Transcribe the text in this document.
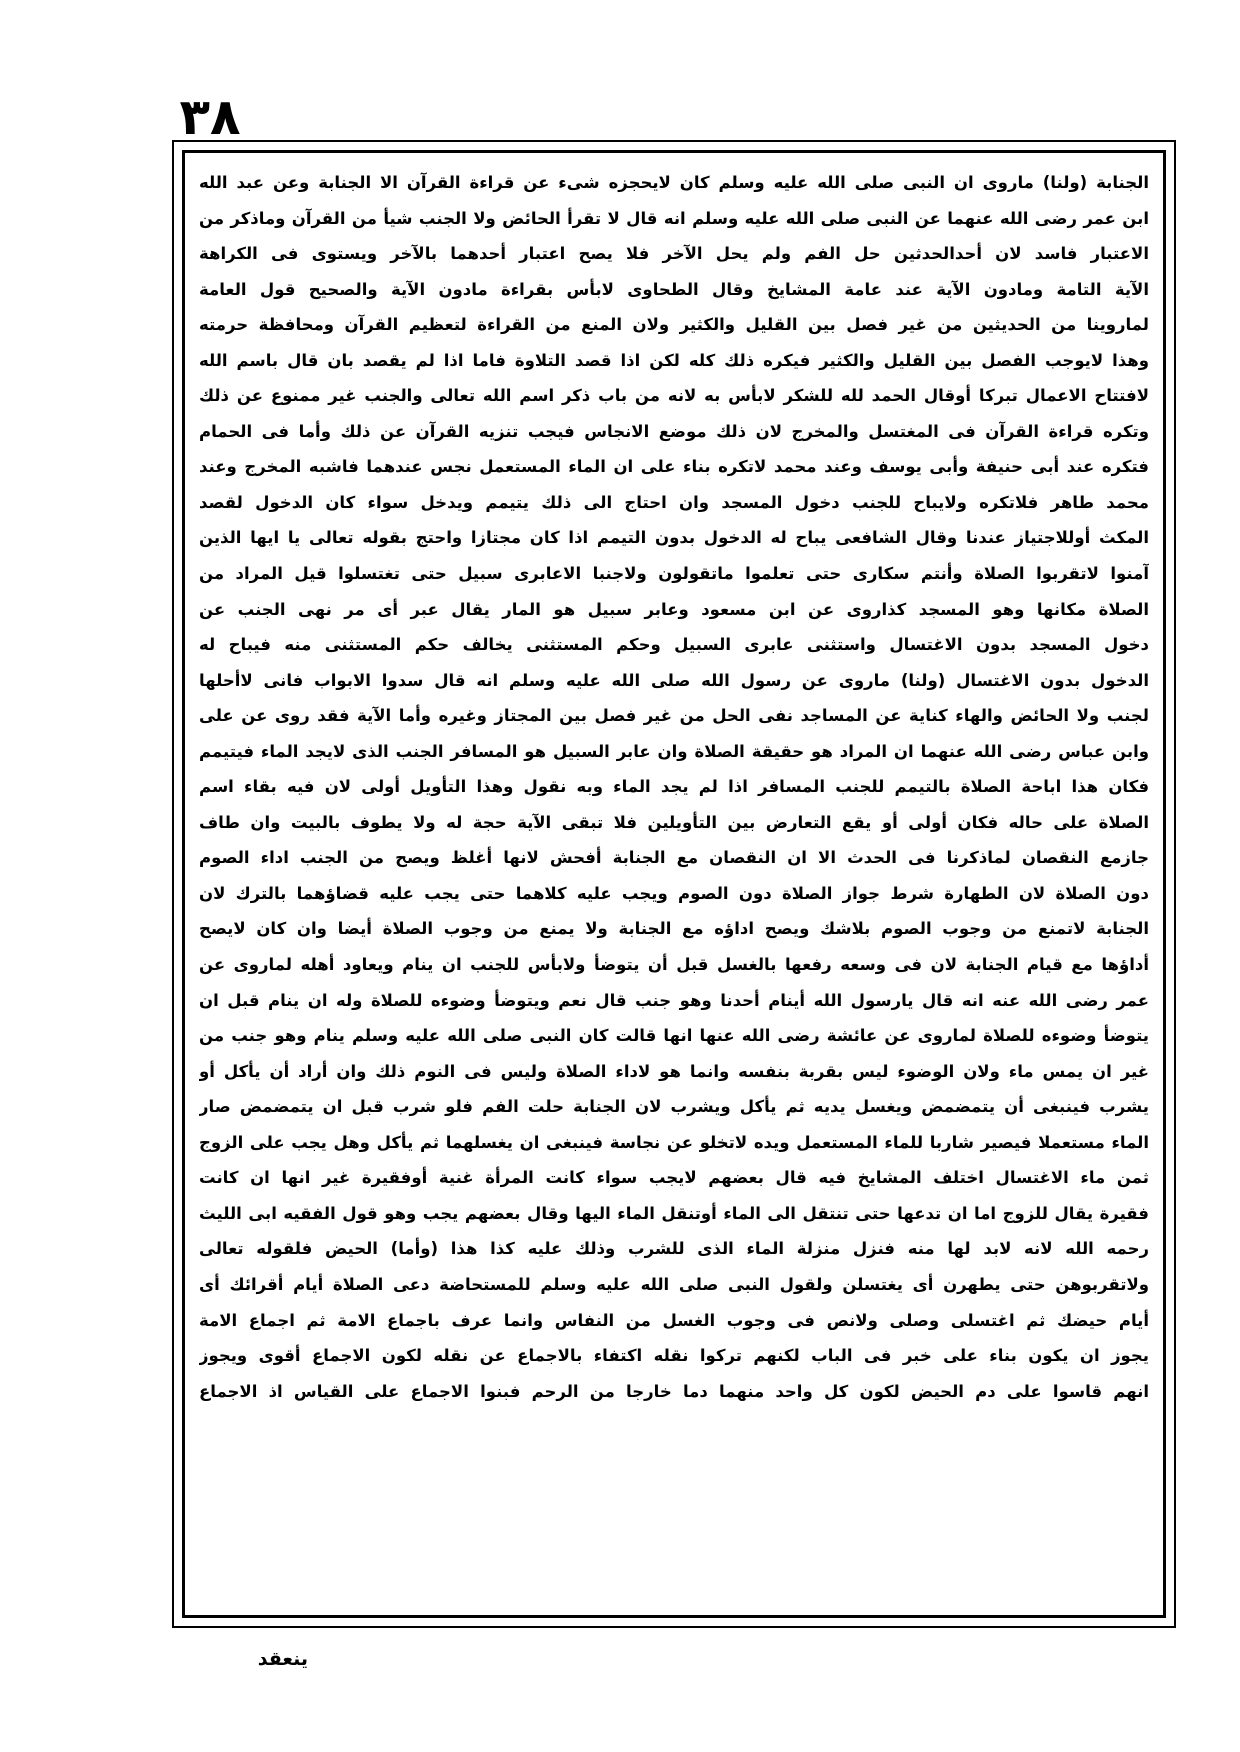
٣٨
الجنابة (ولنا) ماروى ان النبى صلى الله عليه وسلم كان لايحجزه شىء عن قراءة القرآن الا الجنابة وعن عبد الله
ابن عمر رضى الله عنهما عن النبى صلى الله عليه وسلم انه قال لا تقرأ الحائض ولا الجنب شيأ من القرآن وماذكر من
الاعتبار فاسد لان أحدالحدثين حل الفم ولم يحل الآخر فلا يصح اعتبار أحدهما بالآخر ويستوى فى الكراهة
الآية التامة ومادون الآية عند عامة المشايخ وقال الطحاوى لابأس بقراءة مادون الآية والصحيح قول العامة
لماروينا من الحديثين من غير فصل بين القليل والكثير ولان المنع من القراءة لتعظيم القرآن ومحافظة حرمته
وهذا لايوجب الفصل بين القليل والكثير فيكره ذلك كله لكن اذا قصد التلاوة فاما اذا لم يقصد بان قال باسم الله
لافتتاح الاعمال تبركا أوقال الحمد لله للشكر لابأس به لانه من باب ذكر اسم الله تعالى والجنب غير ممنوع عن ذلك
وتكره قراءة القرآن فى المغتسل والمخرج لان ذلك موضع الانجاس فيجب تنزيه القرآن عن ذلك وأما فى الحمام
فتكره عند أبى حنيفة وأبى يوسف وعند محمد لاتكره بناء على ان الماء المستعمل نجس عندهما فاشبه المخرج وعند
محمد طاهر فلاتكره ولايباح للجنب دخول المسجد وان احتاج الى ذلك يتيمم ويدخل سواء كان الدخول لقصد
المكث أوللاجتياز عندنا وقال الشافعى يباح له الدخول بدون التيمم اذا كان مجتازا واحتج بقوله تعالى يا ايها الذين
آمنوا لاتقربوا الصلاة وأنتم سكارى حتى تعلموا ماتقولون ولاجنبا الاعابرى سبيل حتى تغتسلوا قيل المراد من
الصلاة مكانها وهو المسجد كذاروى عن ابن مسعود وعابر سبيل هو المار يقال عبر أى مر نهى الجنب عن
دخول المسجد بدون الاغتسال واستثنى عابرى السبيل وحكم المستثنى يخالف حكم المستثنى منه فيباح له
الدخول بدون الاغتسال (ولنا) ماروى عن رسول الله صلى الله عليه وسلم انه قال سدوا الابواب فانى لاأحلها
لجنب ولا الحائض والهاء كناية عن المساجد نفى الحل من غير فصل بين المجتاز وغيره وأما الآية فقد روى عن على
وابن عباس رضى الله عنهما ان المراد هو حقيقة الصلاة وان عابر السبيل هو المسافر الجنب الذى لايجد الماء فيتيمم
فكان هذا اباحة الصلاة بالتيمم للجنب المسافر اذا لم يجد الماء وبه نقول وهذا التأويل أولى لان فيه بقاء اسم
الصلاة على حاله فكان أولى أو يقع التعارض بين التأويلين فلا تبقى الآية حجة له ولا يطوف بالبيت وان طاف
جازمع النقصان لماذكرنا فى الحدث الا ان النقصان مع الجنابة أفحش لانها أغلظ ويصح من الجنب اداء الصوم
دون الصلاة لان الطهارة شرط جواز الصلاة دون الصوم ويجب عليه كلاهما حتى يجب عليه قضاؤهما بالترك لان
الجنابة لاتمنع من وجوب الصوم بلاشك ويصح اداؤه مع الجنابة ولا يمنع من وجوب الصلاة أيضا وان كان لايصح
أداؤها مع قيام الجنابة لان فى وسعه رفعها بالغسل قبل أن يتوضأ ولابأس للجنب ان ينام ويعاود أهله لماروى عن
عمر رضى الله عنه انه قال يارسول الله أينام أحدنا وهو جنب قال نعم ويتوضأ وضوءه للصلاة وله ان ينام قبل ان
يتوضأ وضوءه للصلاة لماروى عن عائشة رضى الله عنها انها قالت كان النبى صلى الله عليه وسلم ينام وهو جنب من
غير ان يمس ماء ولان الوضوء ليس بقربة بنفسه وانما هو لاداء الصلاة وليس فى النوم ذلك وان أراد أن يأكل أو
يشرب فينبغى أن يتمضمض ويغسل يديه ثم يأكل ويشرب لان الجنابة حلت الفم فلو شرب قبل ان يتمضمض صار
الماء مستعملا فيصير شاربا للماء المستعمل ويده لاتخلو عن نجاسة فينبغى ان يغسلهما ثم يأكل وهل يجب على الزوج
ثمن ماء الاغتسال اختلف المشايخ فيه قال بعضهم لايجب سواء كانت المرأة غنية أوفقيرة غير انها ان كانت
فقيرة يقال للزوج اما ان تدعها حتى تنتقل الى الماء أوتنقل الماء اليها وقال بعضهم يجب وهو قول الفقيه ابى الليث
رحمه الله لانه لابد لها منه فنزل منزلة الماء الذى للشرب وذلك عليه كذا هذا (وأما) الحيض فلقوله تعالى
ولاتقربوهن حتى يطهرن أى يغتسلن ولقول النبى صلى الله عليه وسلم للمستحاضة دعى الصلاة أيام أقرائك أى
أيام حيضك ثم اغتسلى وصلى ولانص فى وجوب الغسل من النفاس وانما عرف باجماع الامة ثم اجماع الامة
يجوز ان يكون بناء على خبر فى الباب لكنهم تركوا نقله اكتفاء بالاجماع عن نقله لكون الاجماع أقوى ويجوز
انهم قاسوا على دم الحيض لكون كل واحد منهما دما خارجا من الرحم فبنوا الاجماع على القياس اذ الاجماع
ينعقد
